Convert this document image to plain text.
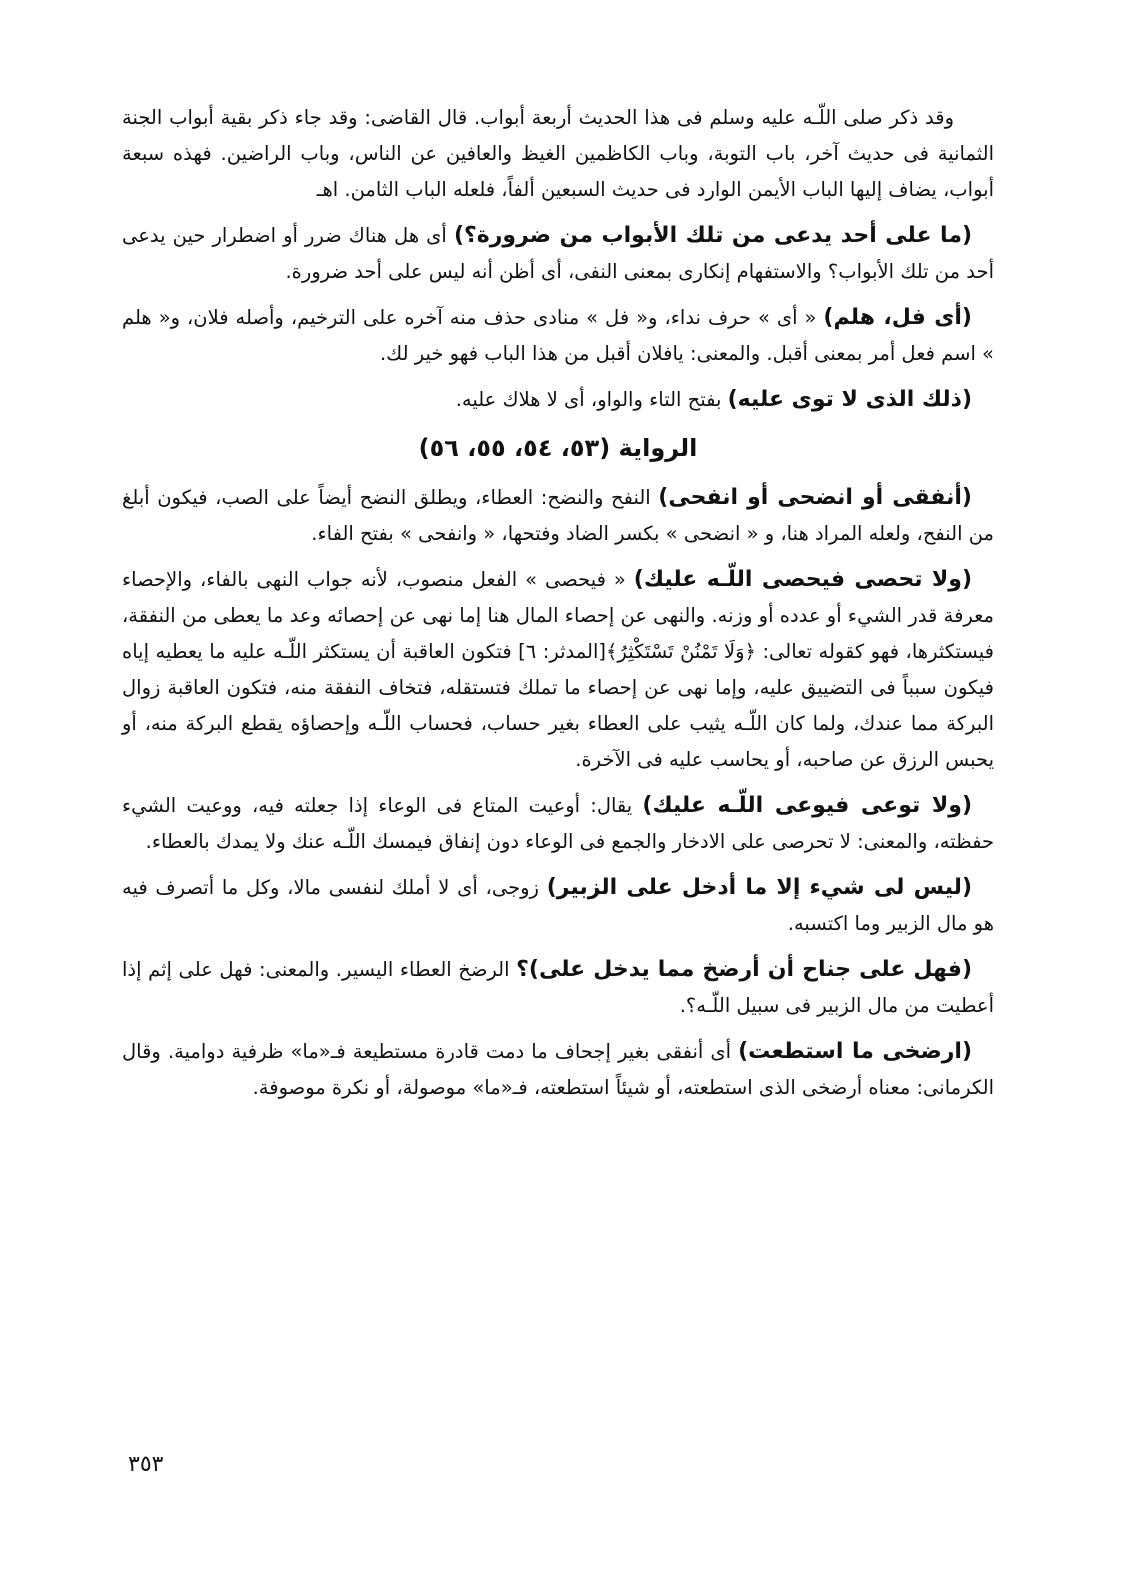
وقد ذكر صلى اللّـه عليه وسلم فى هذا الحديث أربعة أبواب. قال القاضى: وقد جاء ذكر بقية أبواب الجنة الثمانية فى حديث آخر، باب التوبة، وباب الكاظمين الغيظ والعافين عن الناس، وباب الراضين. فهذه سبعة أبواب، يضاف إليها الباب الأيمن الوارد فى حديث السبعين ألفاً، فلعله الباب الثامن. اهـ

(ما على أحد يدعى من تلك الأبواب من ضرورة؟) أى هل هناك ضرر أو اضطرار حين يدعى أحد من تلك الأبواب؟ والاستفهام إنكارى بمعنى النفى، أى أظن أنه ليس على أحد ضرورة.

(أى فل، هلم) « أى » حرف نداء، و« فل » منادى حذف منه آخره على الترخيم، وأصله فلان، و« هلم » اسم فعل أمر بمعنى أقبل. والمعنى: يافلان أقبل من هذا الباب فهو خير لك.

(ذلك الذى لا توى عليه) بفتح التاء والواو، أى لا هلاك عليه.

الرواية (٥٣، ٥٤، ٥٥، ٥٦)

(أنفقى أو انضحى أو انفحى) النفح والنضح: العطاء، ويطلق النضح أيضاً على الصب، فيكون أبلغ من النفح، ولعله المراد هنا، و « انضحى » بكسر الضاد وفتحها، « وانفحى » بفتح الفاء.

(ولا تحصى فيحصى اللّـه عليك) « فيحصى » الفعل منصوب، لأنه جواب النهى بالفاء، والإحصاء معرفة قدر الشيء أو عدده أو وزنه. والنهى عن إحصاء المال هنا إما نهى عن إحصائه وعد ما يعطى من النفقة، فيستكثرها، فهو كقوله تعالى: ﴿وَلَا تَمْنُنْ تَسْتَكْثِرُ﴾[المدثر: ٦] فتكون العاقبة أن يستكثر اللّـه عليه ما يعطيه إياه فيكون سبباً فى التضييق عليه، وإما نهى عن إحصاء ما تملك فتستقله، فتخاف النفقة منه، فتكون العاقبة زوال البركة مما عندك، ولما كان اللّـه يثيب على العطاء بغير حساب، فحساب اللّـه وإحصاؤه يقطع البركة منه، أو يحبس الرزق عن صاحبه، أو يحاسب عليه فى الآخرة.

(ولا توعى فيوعى اللّـه عليك) يقال: أوعيت المتاع فى الوعاء إذا جعلته فيه، ووعيت الشيء حفظته، والمعنى: لا تحرصى على الادخار والجمع فى الوعاء دون إنفاق فيمسك اللّـه عنك ولا يمدك بالعطاء.

(ليس لى شيء إلا ما أدخل على الزبير) زوجى، أى لا أملك لنفسى مالا، وكل ما أتصرف فيه هو مال الزبير وما اكتسبه.

(فهل على جناح أن أرضخ مما يدخل على)؟ الرضخ العطاء اليسير. والمعنى: فهل على إثم إذا أعطيت من مال الزبير فى سبيل اللّـه؟.

(ارضخى ما استطعت) أى أنفقى بغير إجحاف ما دمت قادرة مستطيعة فـ«ما» ظرفية دوامية. وقال الكرمانى: معناه أرضخى الذى استطعته، أو شيئاً استطعته، فـ«ما» موصولة، أو نكرة موصوفة.

٣٥٣
